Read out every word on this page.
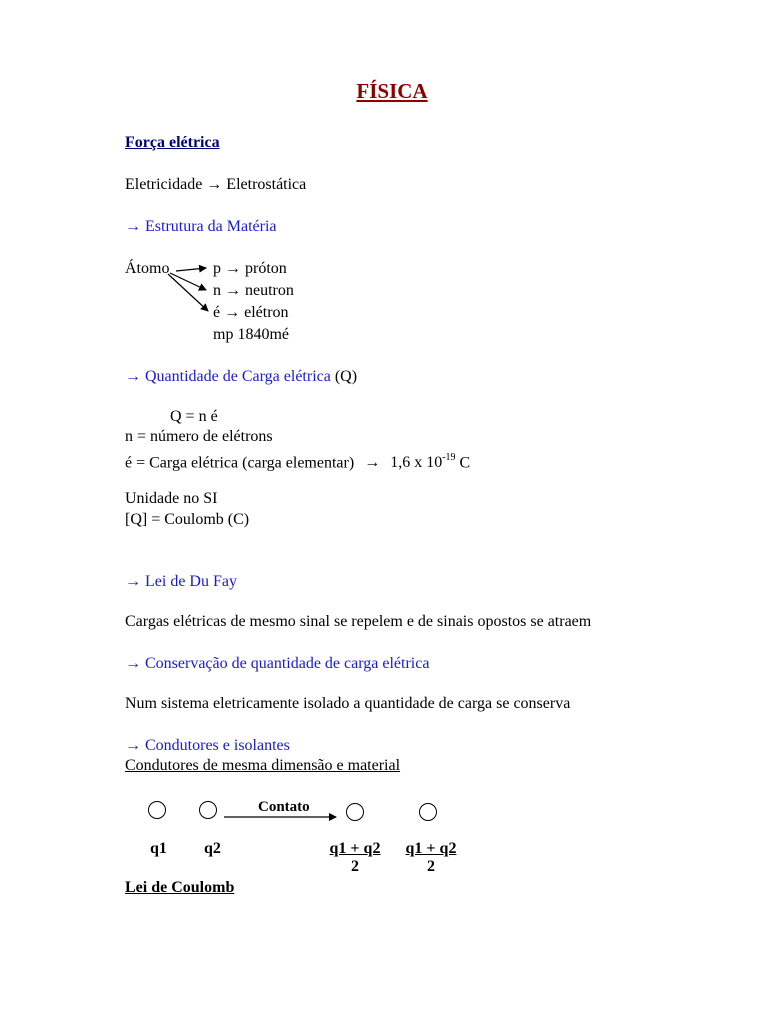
FÍSICA
Força elétrica
Eletricidade → Eletrostática
→ Estrutura da Matéria
Átomo	p → próton
n → neutron
é → elétron
mp 1840mé
→ Quantidade de Carga elétrica (Q)
Q = n é
n = número de elétrons
é = Carga elétrica (carga elementar) → 1,6 x $10^{-19}$ C
Unidade no SI
[Q] = Coulomb (C)
→ Lei de Du Fay
Cargas elétricas de mesmo sinal se repelem e de sinais opostos se atraem
→ Conservação de quantidade de carga elétrica
Num sistema eletricamente isolado a quantidade de carga se conserva
→ Condutores e isolantes
Condutores de mesma dimensão e material
Contato
q1 q2	$\frac{q1 + q2}{2} \frac{q1 + q2}{2}$
Lei de Coulomb
